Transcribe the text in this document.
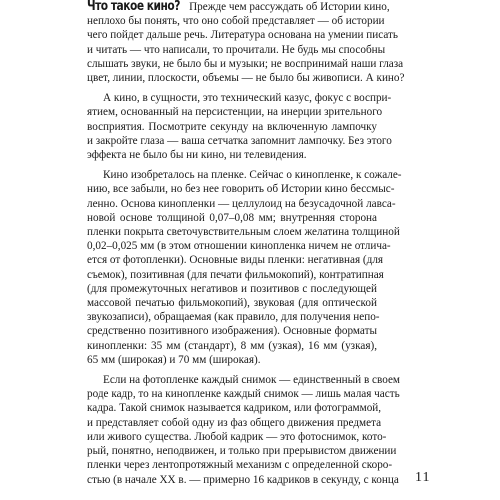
Что такое кино? Прежде чем рассуждать об Истории кино,
неплохо бы понять, что оно собой представляет — об истории
чего пойдет дальше речь. Литература основана на умении писать
и читать — что написали, то прочитали. Не будь мы способны
слышать звуки, не было бы и музыки; не воспринимай наши глаза
цвет, линии, плоскости, объемы — не было бы живописи. А кино?

А кино, в сущности, это технический казус, фокус с воспри-
ятием, основанный на персистенции, на инерции зрительного
восприятия. Посмотрите секунду на включенную лампочку
и закройте глаза — ваша сетчатка запомнит лампочку. Без этого
эффекта не было бы ни кино, ни телевидения.

Кино изобреталось на пленке. Сейчас о кинопленке, к сожале-
нию, все забыли, но без нее говорить об Истории кино бессмыс-
ленно. Основа кинопленки — целлулоид на безусадочной лавса-
новой основе толщиной 0,07–0,08 мм; внутренняя сторона
пленки покрыта светочувствительным слоем желатина толщиной
0,02–0,025 мм (в этом отношении кинопленка ничем не отлича-
ется от фотопленки). Основные виды пленки: негативная (для
съемок), позитивная (для печати фильмокопий), контратипная
(для промежуточных негативов и позитивов с последующей
массовой печатью фильмокопий), звуковая (для оптической
звукозаписи), обращаемая (как правило, для получения непо-
средственно позитивного изображения). Основные форматы
кинопленки: 35 мм (стандарт), 8 мм (узкая), 16 мм (узкая),
65 мм (широкая) и 70 мм (широкая).

Если на фотопленке каждый снимок — единственный в своем
роде кадр, то на кинопленке каждый снимок — лишь малая часть
кадра. Такой снимок называется кадриком, или фотограммой,
и представляет собой одну из фаз общего движения предмета
или живого существа. Любой кадрик — это фотоснимок, кото-
рый, понятно, неподвижен, и только при прерывистом движении
пленки через лентопротяжный механизм с определенной скоро-
стью (в начале XX в. — примерно 16 кадриков в секунду, с конца 11
